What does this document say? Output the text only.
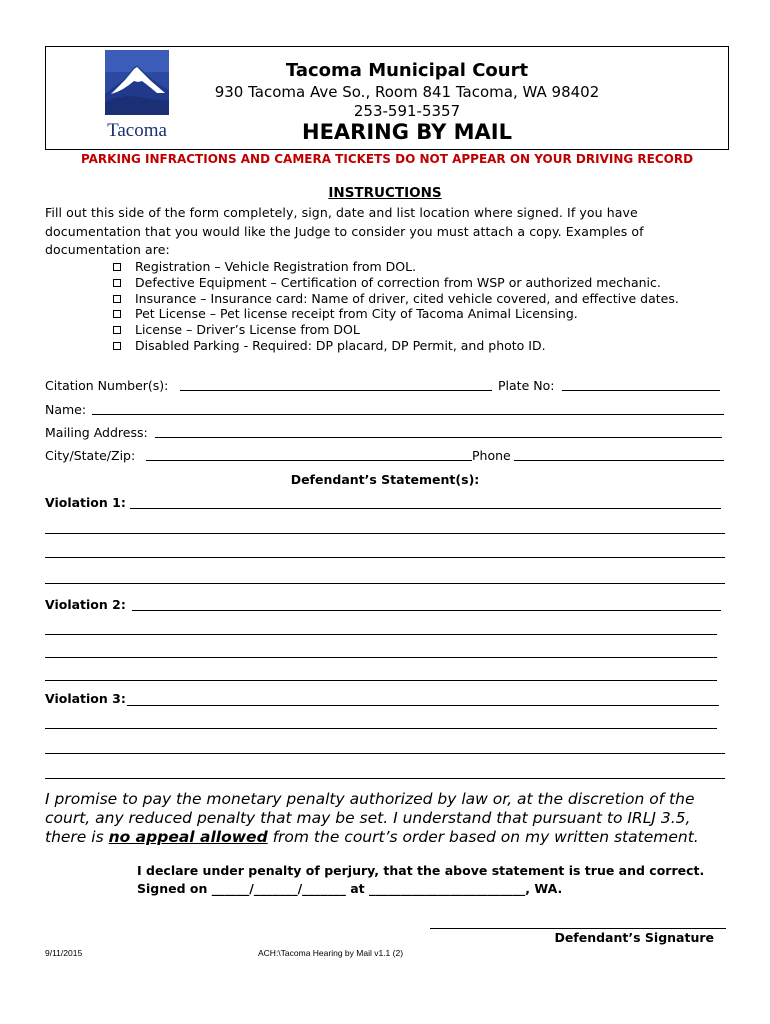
Tacoma
Tacoma Municipal Court
930 Tacoma Ave So., Room 841 Tacoma, WA 98402
253-591-5357
HEARING BY MAIL
PARKING INFRACTIONS AND CAMERA TICKETS DO NOT APPEAR ON YOUR DRIVING RECORD
INSTRUCTIONS
Fill out this side of the form completely, sign, date and list location where signed. If you have documentation that you would like the Judge to consider you must attach a copy. Examples of documentation are:
Registration – Vehicle Registration from DOL.
Defective Equipment – Certification of correction from WSP or authorized mechanic.
Insurance – Insurance card: Name of driver, cited vehicle covered, and effective dates.
Pet License – Pet license receipt from City of Tacoma Animal Licensing.
License – Driver’s License from DOL
Disabled Parking - Required: DP placard, DP Permit, and photo ID.
Citation Number(s):	Plate No:
Name:
Mailing Address:
City/State/Zip:	Phone
Defendant’s Statement(s):
Violation 1:
Violation 2:
Violation 3:
I promise to pay the monetary penalty authorized by law or, at the discretion of the court, any reduced penalty that may be set. I understand that pursuant to IRLJ 3.5, there is no appeal allowed from the court’s order based on my written statement.
I declare under penalty of perjury, that the above statement is true and correct.
Signed on ______/_______/_______ at _________________________, WA.
Defendant’s Signature
9/11/2015	ACH:\Tacoma Hearing by Mail v1.1 (2)
